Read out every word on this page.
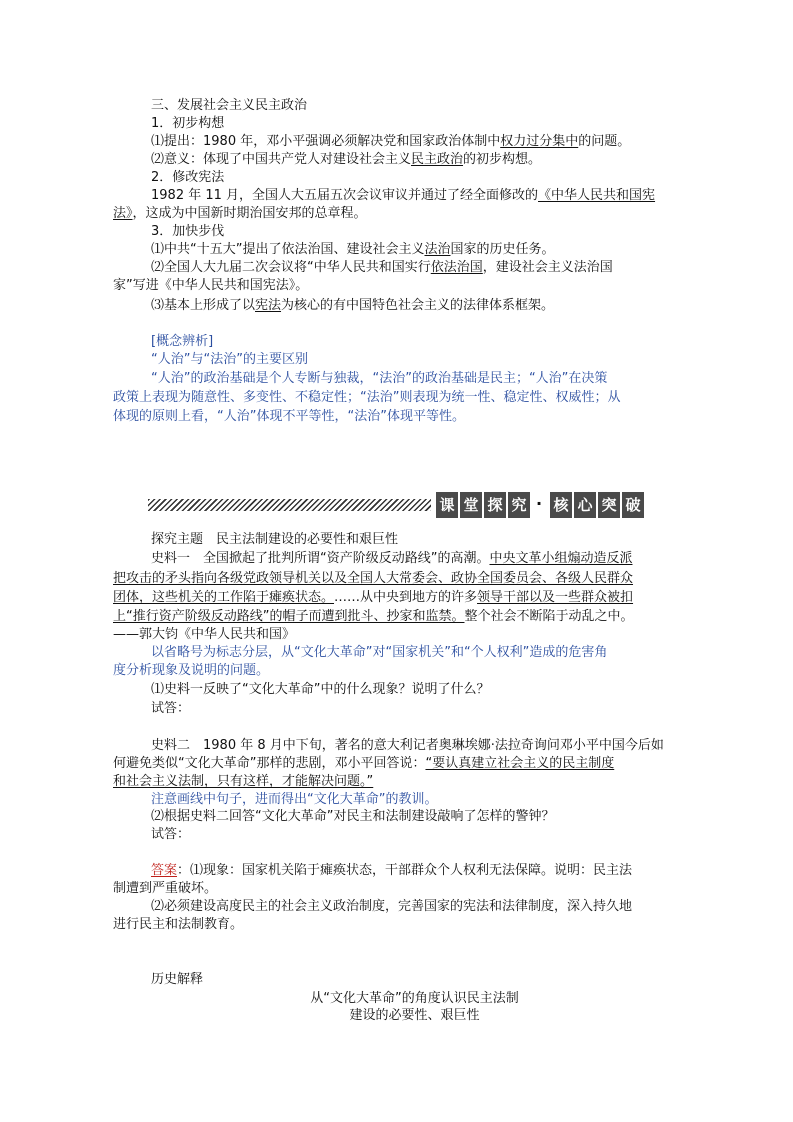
三、发展社会主义民主政治
1．初步构想
⑴提出：1980 年，邓小平强调必须解决党和国家政治体制中权力过分集中的问题。
⑵意义：体现了中国共产党人对建设社会主义民主政治的初步构想。
2．修改宪法
1982 年 11 月，全国人大五届五次会议审议并通过了经全面修改的《中华人民共和国宪
法》，这成为中国新时期治国安邦的总章程。
3．加快步伐
⑴中共“十五大”提出了依法治国、建设社会主义法治国家的历史任务。
⑵全国人大九届二次会议将“中华人民共和国实行依法治国，建设社会主义法治国
家”写进《中华人民共和国宪法》。
⑶基本上形成了以宪法为核心的有中国特色社会主义的法律体系框架。
[概念辨析]
“人治”与“法治”的主要区别
“人治”的政治基础是个人专断与独裁，“法治”的政治基础是民主；“人治”在决策
政策上表现为随意性、多变性、不稳定性；“法治”则表现为统一性、稳定性、权威性；从
体现的原则上看，“人治”体现不平等性，“法治”体现平等性。
课 堂 探 究 · 核 心 突 破
探究主题　民主法制建设的必要性和艰巨性
史料一　全国掀起了批判所谓“资产阶级反动路线”的高潮。中央文革小组煽动造反派
把攻击的矛头指向各级党政领导机关以及全国人大常委会、政协全国委员会、各级人民群众
团体，这些机关的工作陷于瘫痪状态。……从中央到地方的许多领导干部以及一些群众被扣
上“推行资产阶级反动路线”的帽子而遭到批斗、抄家和监禁。整个社会不断陷于动乱之中。
——郭大钧《中华人民共和国》
以省略号为标志分层，从“文化大革命”对“国家机关”和“个人权利”造成的危害角
度分析现象及说明的问题。
⑴史料一反映了“文化大革命”中的什么现象？说明了什么？
试答：
史料二　1980 年 8 月中下旬，著名的意大利记者奥琳埃娜·法拉奇询问邓小平中国今后如
何避免类似“文化大革命”那样的悲剧，邓小平回答说：“要认真建立社会主义的民主制度
和社会主义法制，只有这样，才能解决问题。”
注意画线中句子，进而得出“文化大革命”的教训。
⑵根据史料二回答“文化大革命”对民主和法制建设敲响了怎样的警钟？
试答：
答案：⑴现象：国家机关陷于瘫痪状态，干部群众个人权利无法保障。说明：民主法
制遭到严重破坏。
⑵必须建设高度民主的社会主义政治制度，完善国家的宪法和法律制度，深入持久地
进行民主和法制教育。
历史解释
从“文化大革命”的角度认识民主法制
建设的必要性、艰巨性
